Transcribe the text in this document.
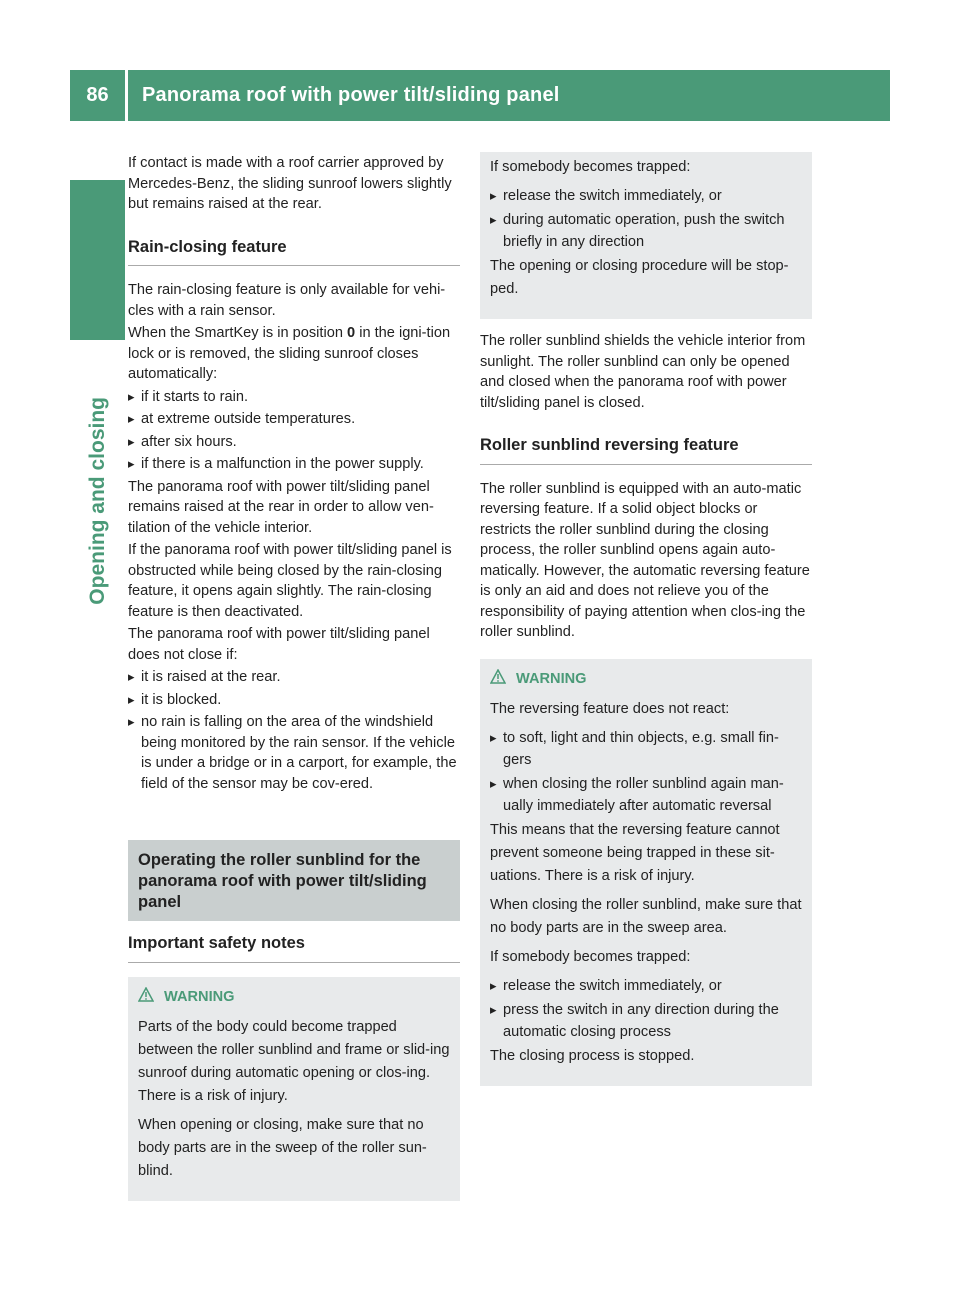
86	Panorama roof with power tilt/sliding panel
Opening and closing

If contact is made with a roof carrier approved by Mercedes-Benz, the sliding sunroof lowers slightly but remains raised at the rear.

Rain-closing feature

The rain-closing feature is only available for vehi-cles with a rain sensor.

When the SmartKey is in position 0 in the igni-tion lock or is removed, the sliding sunroof closes automatically:

▸ if it starts to rain.
▸ at extreme outside temperatures.
▸ after six hours.
▸ if there is a malfunction in the power supply.

The panorama roof with power tilt/sliding panel remains raised at the rear in order to allow ven-tilation of the vehicle interior.

If the panorama roof with power tilt/sliding panel is obstructed while being closed by the rain-closing feature, it opens again slightly. The rain-closing feature is then deactivated.

The panorama roof with power tilt/sliding panel does not close if:

▸ it is raised at the rear.
▸ it is blocked.
▸ no rain is falling on the area of the windshield being monitored by the rain sensor. If the vehicle is under a bridge or in a carport, for example, the field of the sensor may be cov-ered.
Operating the roller sunblind for the panorama roof with power tilt/sliding panel
Important safety notes
WARNING

Parts of the body could become trapped between the roller sunblind and frame or slid-ing sunroof during automatic opening or clos-ing. There is a risk of injury.

When opening or closing, make sure that no body parts are in the sweep of the roller sun-blind.

If somebody becomes trapped:

▸ release the switch immediately, or
▸ during automatic operation, push the switch briefly in any direction

The opening or closing procedure will be stop-ped.

The roller sunblind shields the vehicle interior from sunlight. The roller sunblind can only be opened and closed when the panorama roof with power tilt/sliding panel is closed.

Roller sunblind reversing feature

The roller sunblind is equipped with an auto-matic reversing feature. If a solid object blocks or restricts the roller sunblind during the closing process, the roller sunblind opens again auto-matically. However, the automatic reversing feature is only an aid and does not relieve you of the responsibility of paying attention when clos-ing the roller sunblind.

WARNING

The reversing feature does not react:

▸ to soft, light and thin objects, e.g. small fin-gers
▸ when closing the roller sunblind again man-ually immediately after automatic reversal

This means that the reversing feature cannot prevent someone being trapped in these sit-uations. There is a risk of injury.

When closing the roller sunblind, make sure that no body parts are in the sweep area.

If somebody becomes trapped:

▸ release the switch immediately, or
▸ press the switch in any direction during the automatic closing process

The closing process is stopped.
